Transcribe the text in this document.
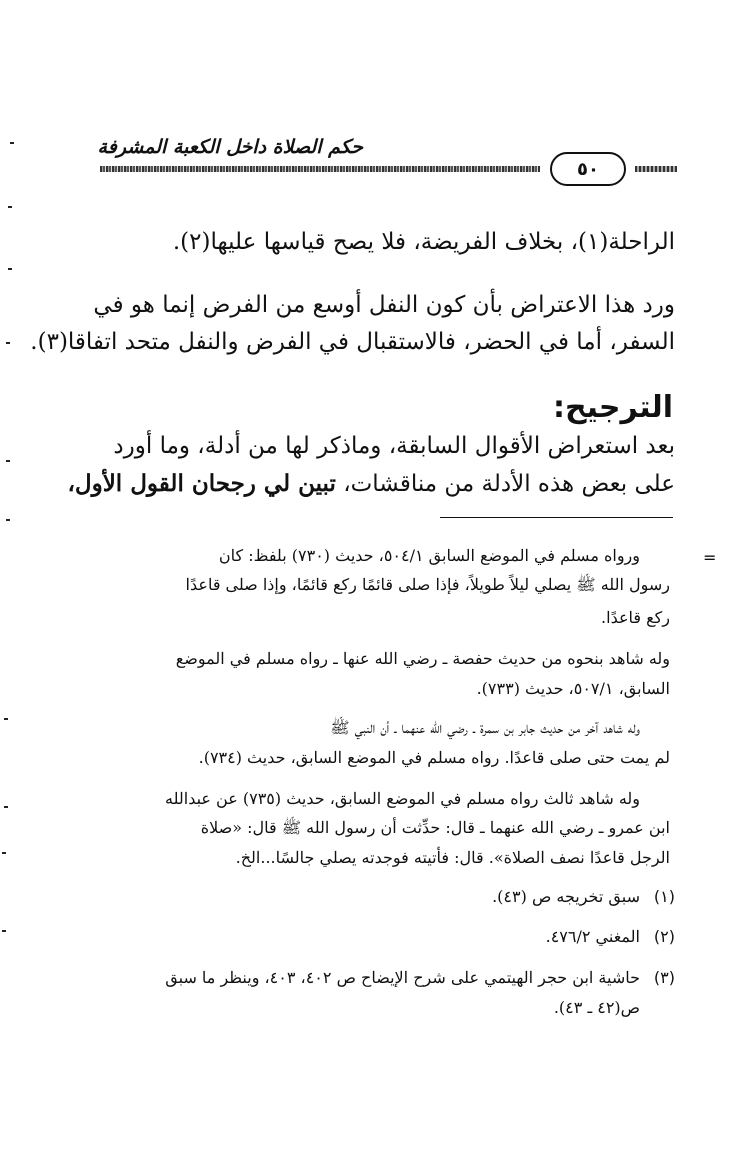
حكم الصلاة داخل الكعبة المشرفة
٥٠
الراحلة(١)، بخلاف الفريضة، فلا يصح قياسها عليها(٢).
ورد هذا الاعتراض بأن كون النفل أوسع من الفرض إنما هو في
السفر، أما في الحضر، فالاستقبال في الفرض والنفل متحد اتفاقا(٣).
الترجيح:
بعد استعراض الأقوال السابقة، وماذكر لها من أدلة، وما أورد
على بعض هذه الأدلة من مناقشات، تبين لي رجحان القول الأول،
=
ورواه مسلم في الموضع السابق ٥٠٤/١، حديث (٧٣٠) بلفظ: كان
رسول الله ﷺ يصلي ليلاً طويلاً، فإذا صلى قائمًا ركع قائمًا، وإذا صلى قاعدًا
ركع قاعدًا.
وله شاهد بنحوه من حديث حفصة ـ رضي الله عنها ـ رواه مسلم في الموضع
السابق، ٥٠٧/١، حديث (٧٣٣).
وله شاهد آخر من حديث جابر بن سمرة ـ رضي الله عنهما ـ أن النبي ﷺ
لم يمت حتى صلى قاعدًا. رواه مسلم في الموضع السابق، حديث (٧٣٤).
وله شاهد ثالث رواه مسلم في الموضع السابق، حديث (٧٣٥) عن عبدالله
ابن عمرو ـ رضي الله عنهما ـ قال: حدِّثت أن رسول الله ﷺ قال: «صلاة
الرجل قاعدًا نصف الصلاة». قال: فأتيته فوجدته يصلي جالسًا...الخ.
(١)
سبق تخريجه ص (٤٣).
(٢)
المغني ٤٧٦/٢.
(٣)
حاشية ابن حجر الهيتمي على شرح الإيضاح ص ٤٠٢، ٤٠٣، وينظر ما سبق
ص(٤٢ ـ ٤٣).
